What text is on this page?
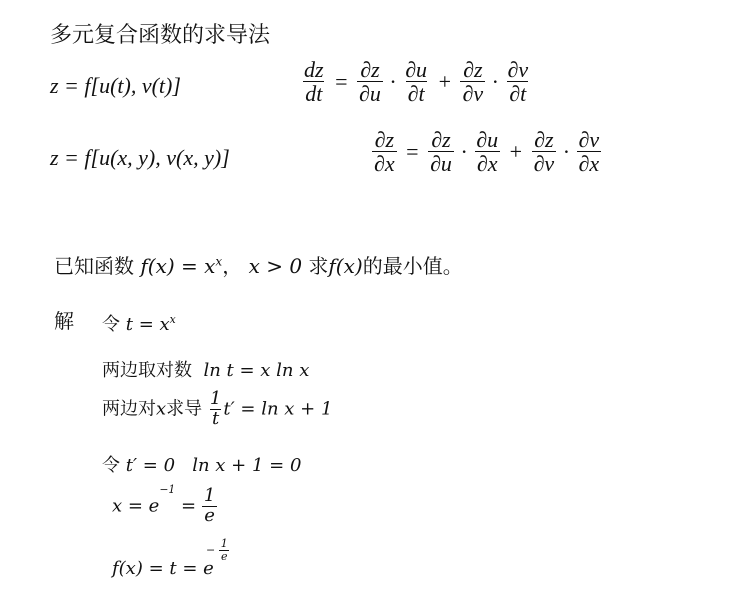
多元复合函数的求导法
z = f[u(t), v(t)]	$\frac{dz}{dt} = \frac{\partial z}{\partial u} \cdot \frac{\partial u}{\partial t} + \frac{\partial z}{\partial v} \cdot \frac{\partial v}{\partial t}$
z = f[u(x, y), v(x, y)]	$\frac{\partial z}{\partial x} = \frac{\partial z}{\partial u} \cdot \frac{\partial u}{\partial x} + \frac{\partial z}{\partial v} \cdot \frac{\partial v}{\partial x}$
已知函数 $f(x) = x^x$， x > 0 求f(x)的最小值。
解 令 $t = x^x$
两边取对数 ln t = x ln x
两边对x求导 $\frac{1}{t} t' = \ln x + 1$
令 t′ = 0 ln x + 1 = 0
$x = e^{-1} = \frac{1}{e}$
f(x) = t = e
− $\frac{1}{e}$
